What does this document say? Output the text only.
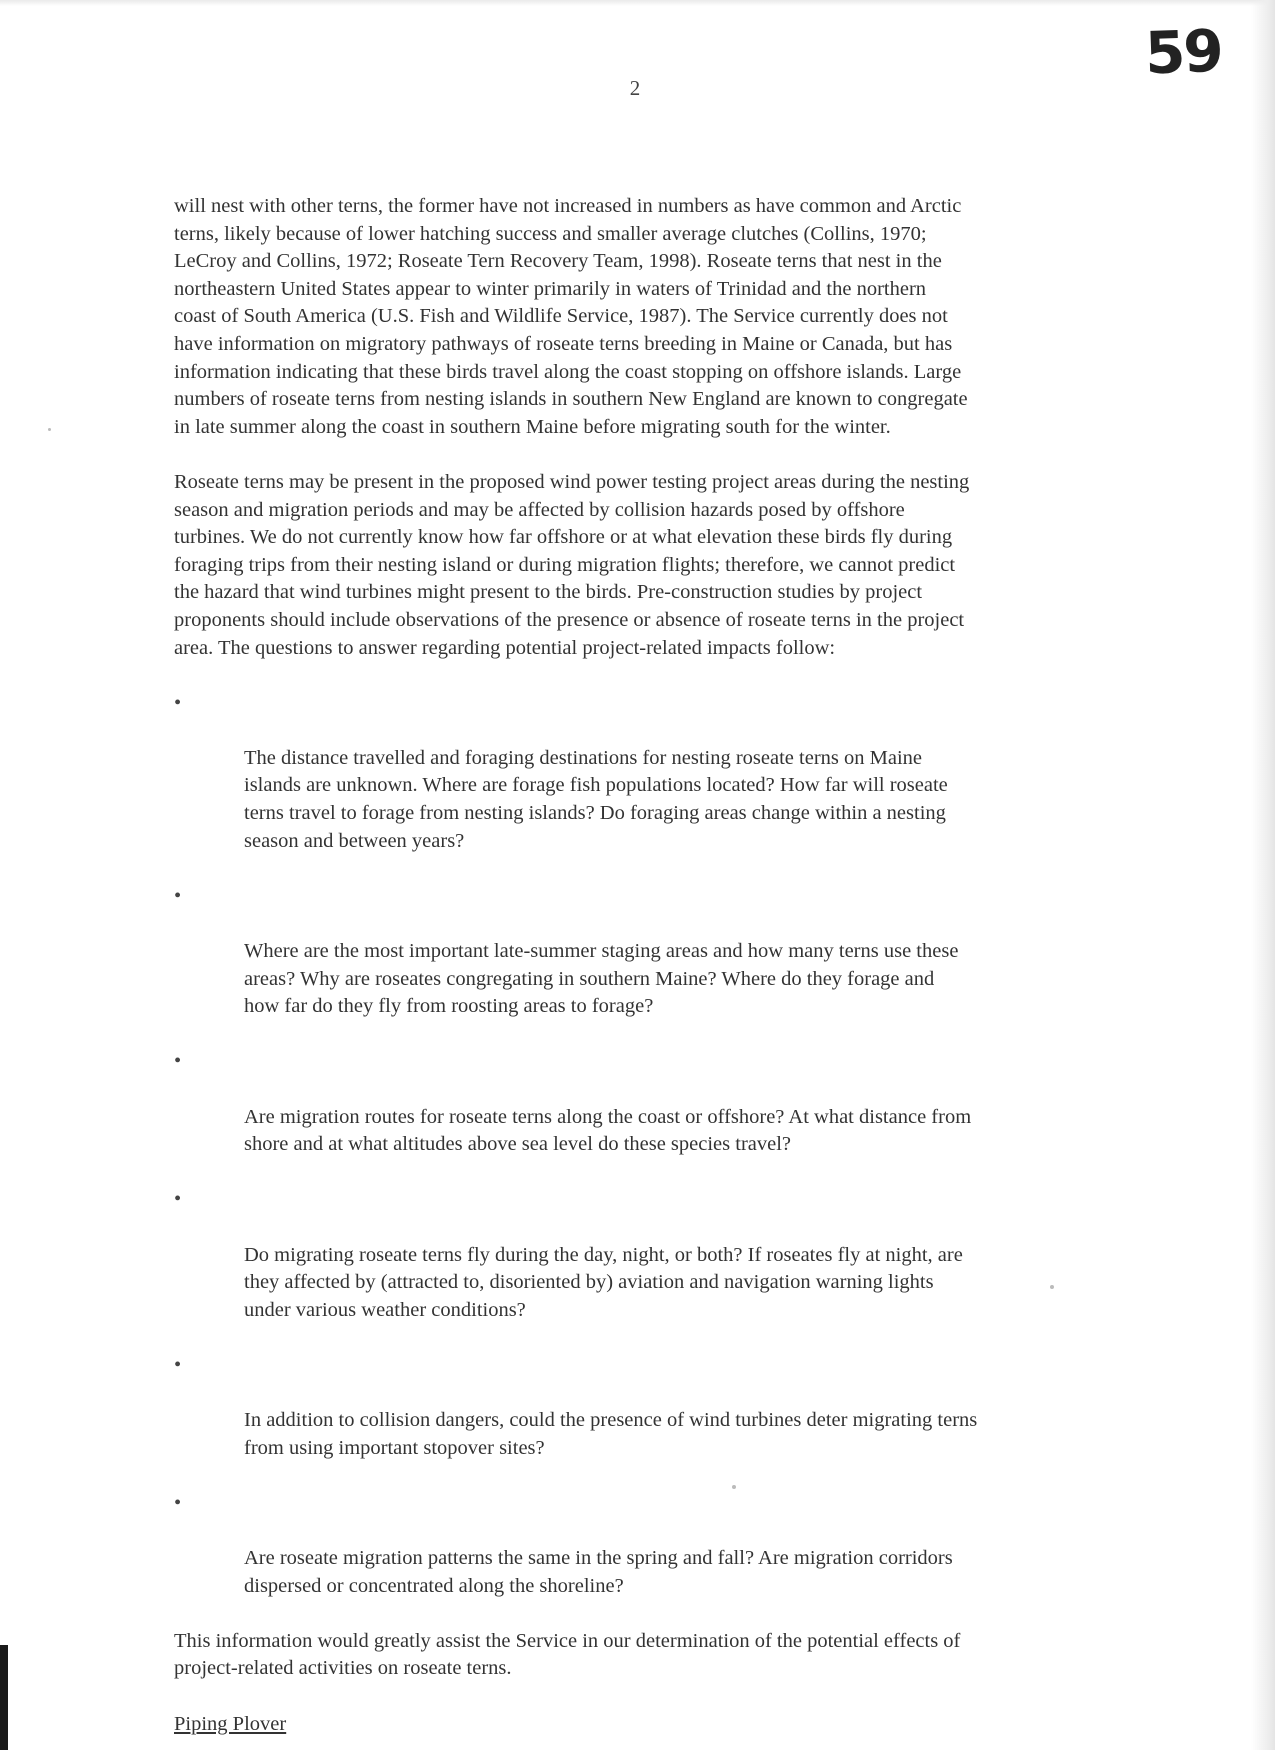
59
2

will nest with other terns, the former have not increased in numbers as have common and Arctic
terns, likely because of lower hatching success and smaller average clutches (Collins, 1970;
LeCroy and Collins, 1972; Roseate Tern Recovery Team, 1998). Roseate terns that nest in the
northeastern United States appear to winter primarily in waters of Trinidad and the northern
coast of South America (U.S. Fish and Wildlife Service, 1987). The Service currently does not
have information on migratory pathways of roseate terns breeding in Maine or Canada, but has
information indicating that these birds travel along the coast stopping on offshore islands. Large
numbers of roseate terns from nesting islands in southern New England are known to congregate
in late summer along the coast in southern Maine before migrating south for the winter.

Roseate terns may be present in the proposed wind power testing project areas during the nesting
season and migration periods and may be affected by collision hazards posed by offshore
turbines. We do not currently know how far offshore or at what elevation these birds fly during
foraging trips from their nesting island or during migration flights; therefore, we cannot predict
the hazard that wind turbines might present to the birds. Pre-construction studies by project
proponents should include observations of the presence or absence of roseate terns in the project
area. The questions to answer regarding potential project-related impacts follow:

•

The distance travelled and foraging destinations for nesting roseate terns on Maine
islands are unknown. Where are forage fish populations located? How far will roseate
terns travel to forage from nesting islands? Do foraging areas change within a nesting
season and between years?

•

Where are the most important late-summer staging areas and how many terns use these
areas? Why are roseates congregating in southern Maine? Where do they forage and
how far do they fly from roosting areas to forage?

•

Are migration routes for roseate terns along the coast or offshore? At what distance from
shore and at what altitudes above sea level do these species travel?

•

Do migrating roseate terns fly during the day, night, or both? If roseates fly at night, are
they affected by (attracted to, disoriented by) aviation and navigation warning lights
under various weather conditions?

•

In addition to collision dangers, could the presence of wind turbines deter migrating terns
from using important stopover sites?

•

Are roseate migration patterns the same in the spring and fall? Are migration corridors
dispersed or concentrated along the shoreline?

This information would greatly assist the Service in our determination of the potential effects of
project-related activities on roseate terns.

Piping Plover
